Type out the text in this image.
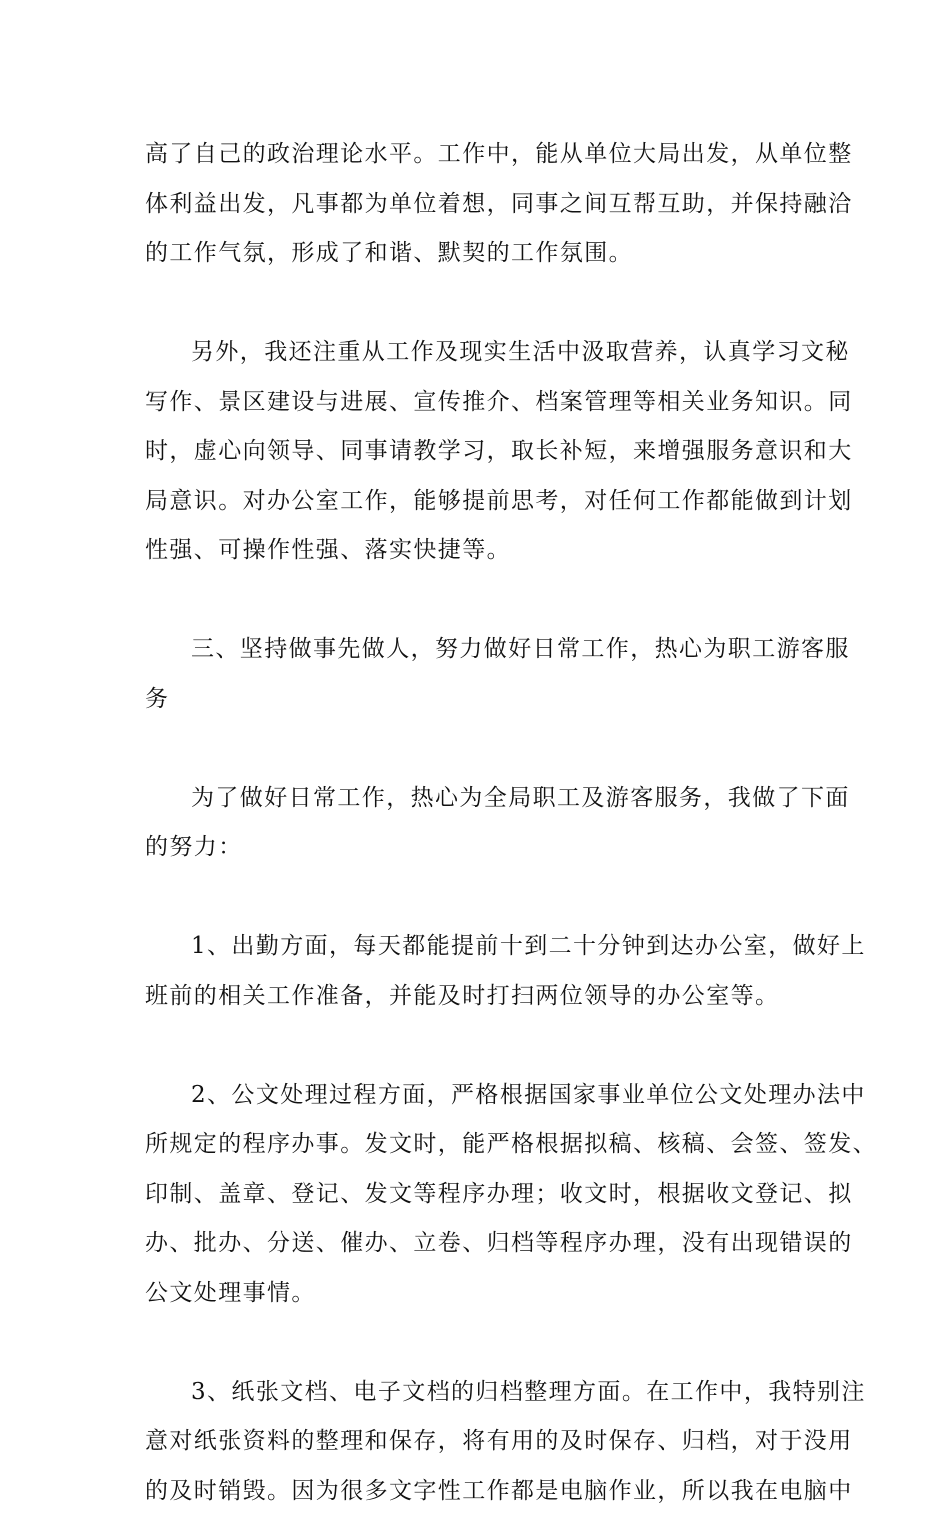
高了自己的政治理论水平。工作中，能从单位大局出发，从单位整
体利益出发，凡事都为单位着想，同事之间互帮互助，并保持融洽
的工作气氛，形成了和谐、默契的工作氛围。
另外，我还注重从工作及现实生活中汲取营养，认真学习文秘
写作、景区建设与进展、宣传推介、档案管理等相关业务知识。同
时，虚心向领导、同事请教学习，取长补短，来增强服务意识和大
局意识。对办公室工作，能够提前思考，对任何工作都能做到计划
性强、可操作性强、落实快捷等。
三、坚持做事先做人，努力做好日常工作，热心为职工游客服
务
为了做好日常工作，热心为全局职工及游客服务，我做了下面
的努力：
1、出勤方面，每天都能提前十到二十分钟到达办公室，做好上
班前的相关工作准备，并能及时打扫两位领导的办公室等。
2、公文处理过程方面，严格根据国家事业单位公文处理办法中
所规定的程序办事。发文时，能严格根据拟稿、核稿、会签、签发、
印制、盖章、登记、发文等程序办理；收文时，根据收文登记、拟
办、批办、分送、催办、立卷、归档等程序办理，没有出现错误的
公文处理事情。
3、纸张文档、电子文档的归档整理方面。在工作中，我特别注
意对纸张资料的整理和保存，将有用的及时保存、归档，对于没用
的及时销毁。因为很多文字性工作都是电脑作业，所以我在电脑中
